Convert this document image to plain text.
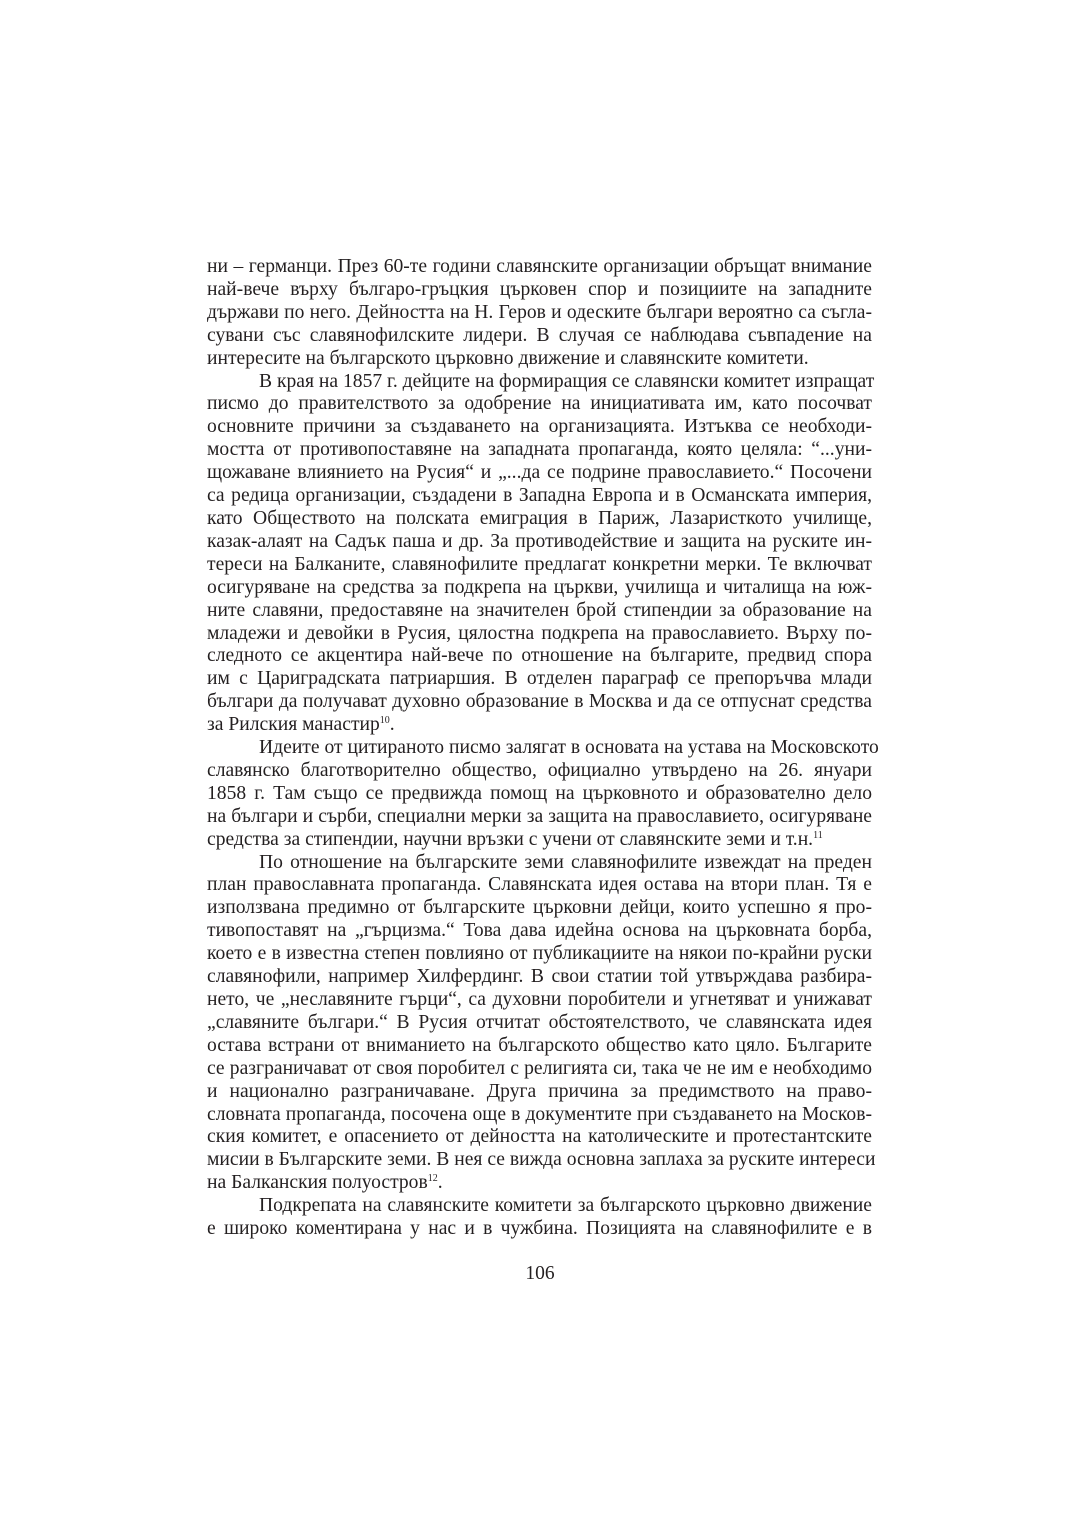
ни – германци. През 60-те години славянските организации обръщат внимание
най-вече върху българо-гръцкия църковен спор и позициите на западните
държави по него. Дейността на Н. Геров и одеските българи вероятно са съгла-
сувани със славянофилските лидери. В случая се наблюдава съвпадение на
интересите на българското църковно движение и славянските комитети.
В края на 1857 г. дейците на формиращия се славянски комитет изпращат
писмо до правителството за одобрение на инициативата им, като посочват
основните причини за създаването на организацията. Изтъква се необходи-
мостта от противопоставяне на западната пропаганда, която целяла: “...уни-
щожаване влиянието на Русия“ и „...да се подрине православието.“ Посочени
са редица организации, създадени в Западна Европа и в Османската империя,
като Обществото на полската емиграция в Париж, Лазаристкото училище,
казак-алаят на Садък паша и др. За противодействие и защита на руските ин-
тереси на Балканите, славянофилите предлагат конкретни мерки. Те включват
осигуряване на средства за подкрепа на църкви, училища и читалища на юж-
ните славяни, предоставяне на значителен брой стипендии за образование на
младежи и девойки в Русия, цялостна подкрепа на православието. Върху по-
следното се акцентира най-вече по отношение на българите, предвид спора
им с Цариградската патриаршия. В отделен параграф се препоръчва млади
българи да получават духовно образование в Москва и да се отпуснат средства
за Рилския манастир$^{10}$.
Идеите от цитираното писмо залягат в основата на устава на Московското
славянско благотворително общество, официално утвърдено на 26. януари
1858 г. Там също се предвижда помощ на църковното и образователно дело
на българи и сърби, специални мерки за защита на православието, осигуряване
средства за стипендии, научни връзки с учени от славянските земи и т.н.$^{11}$
По отношение на българските земи славянофилите извеждат на преден
план православната пропаганда. Славянската идея остава на втори план. Тя е
използвана предимно от българските църковни дейци, които успешно я про-
тивопоставят на „гърцизма.“ Това дава идейна основа на църковната борба,
което е в известна степен повлияно от публикациите на някои по-крайни руски
славянофили, например Хилфердинг. В свои статии той утвърждава разбира-
нето, че „неславяните гърци“, са духовни поробители и угнетяват и унижават
„славяните българи.“ В Русия отчитат обстоятелството, че славянската идея
остава встрани от вниманието на българското общество като цяло. Българите
се разграничават от своя поробител с религията си, така че не им е необходимо
и национално разграничаване. Друга причина за предимството на право-
словната пропаганда, посочена още в документите при създаването на Москов-
ския комитет, е опасението от дейността на католическите и протестантските
мисии в Българските земи. В нея се вижда основна заплаха за руските интереси
на Балканския полуостров$^{12}$.
Подкрепата на славянските комитети за българското църковно движение
е широко коментирана у нас и в чужбина. Позицията на славянофилите е в
106
